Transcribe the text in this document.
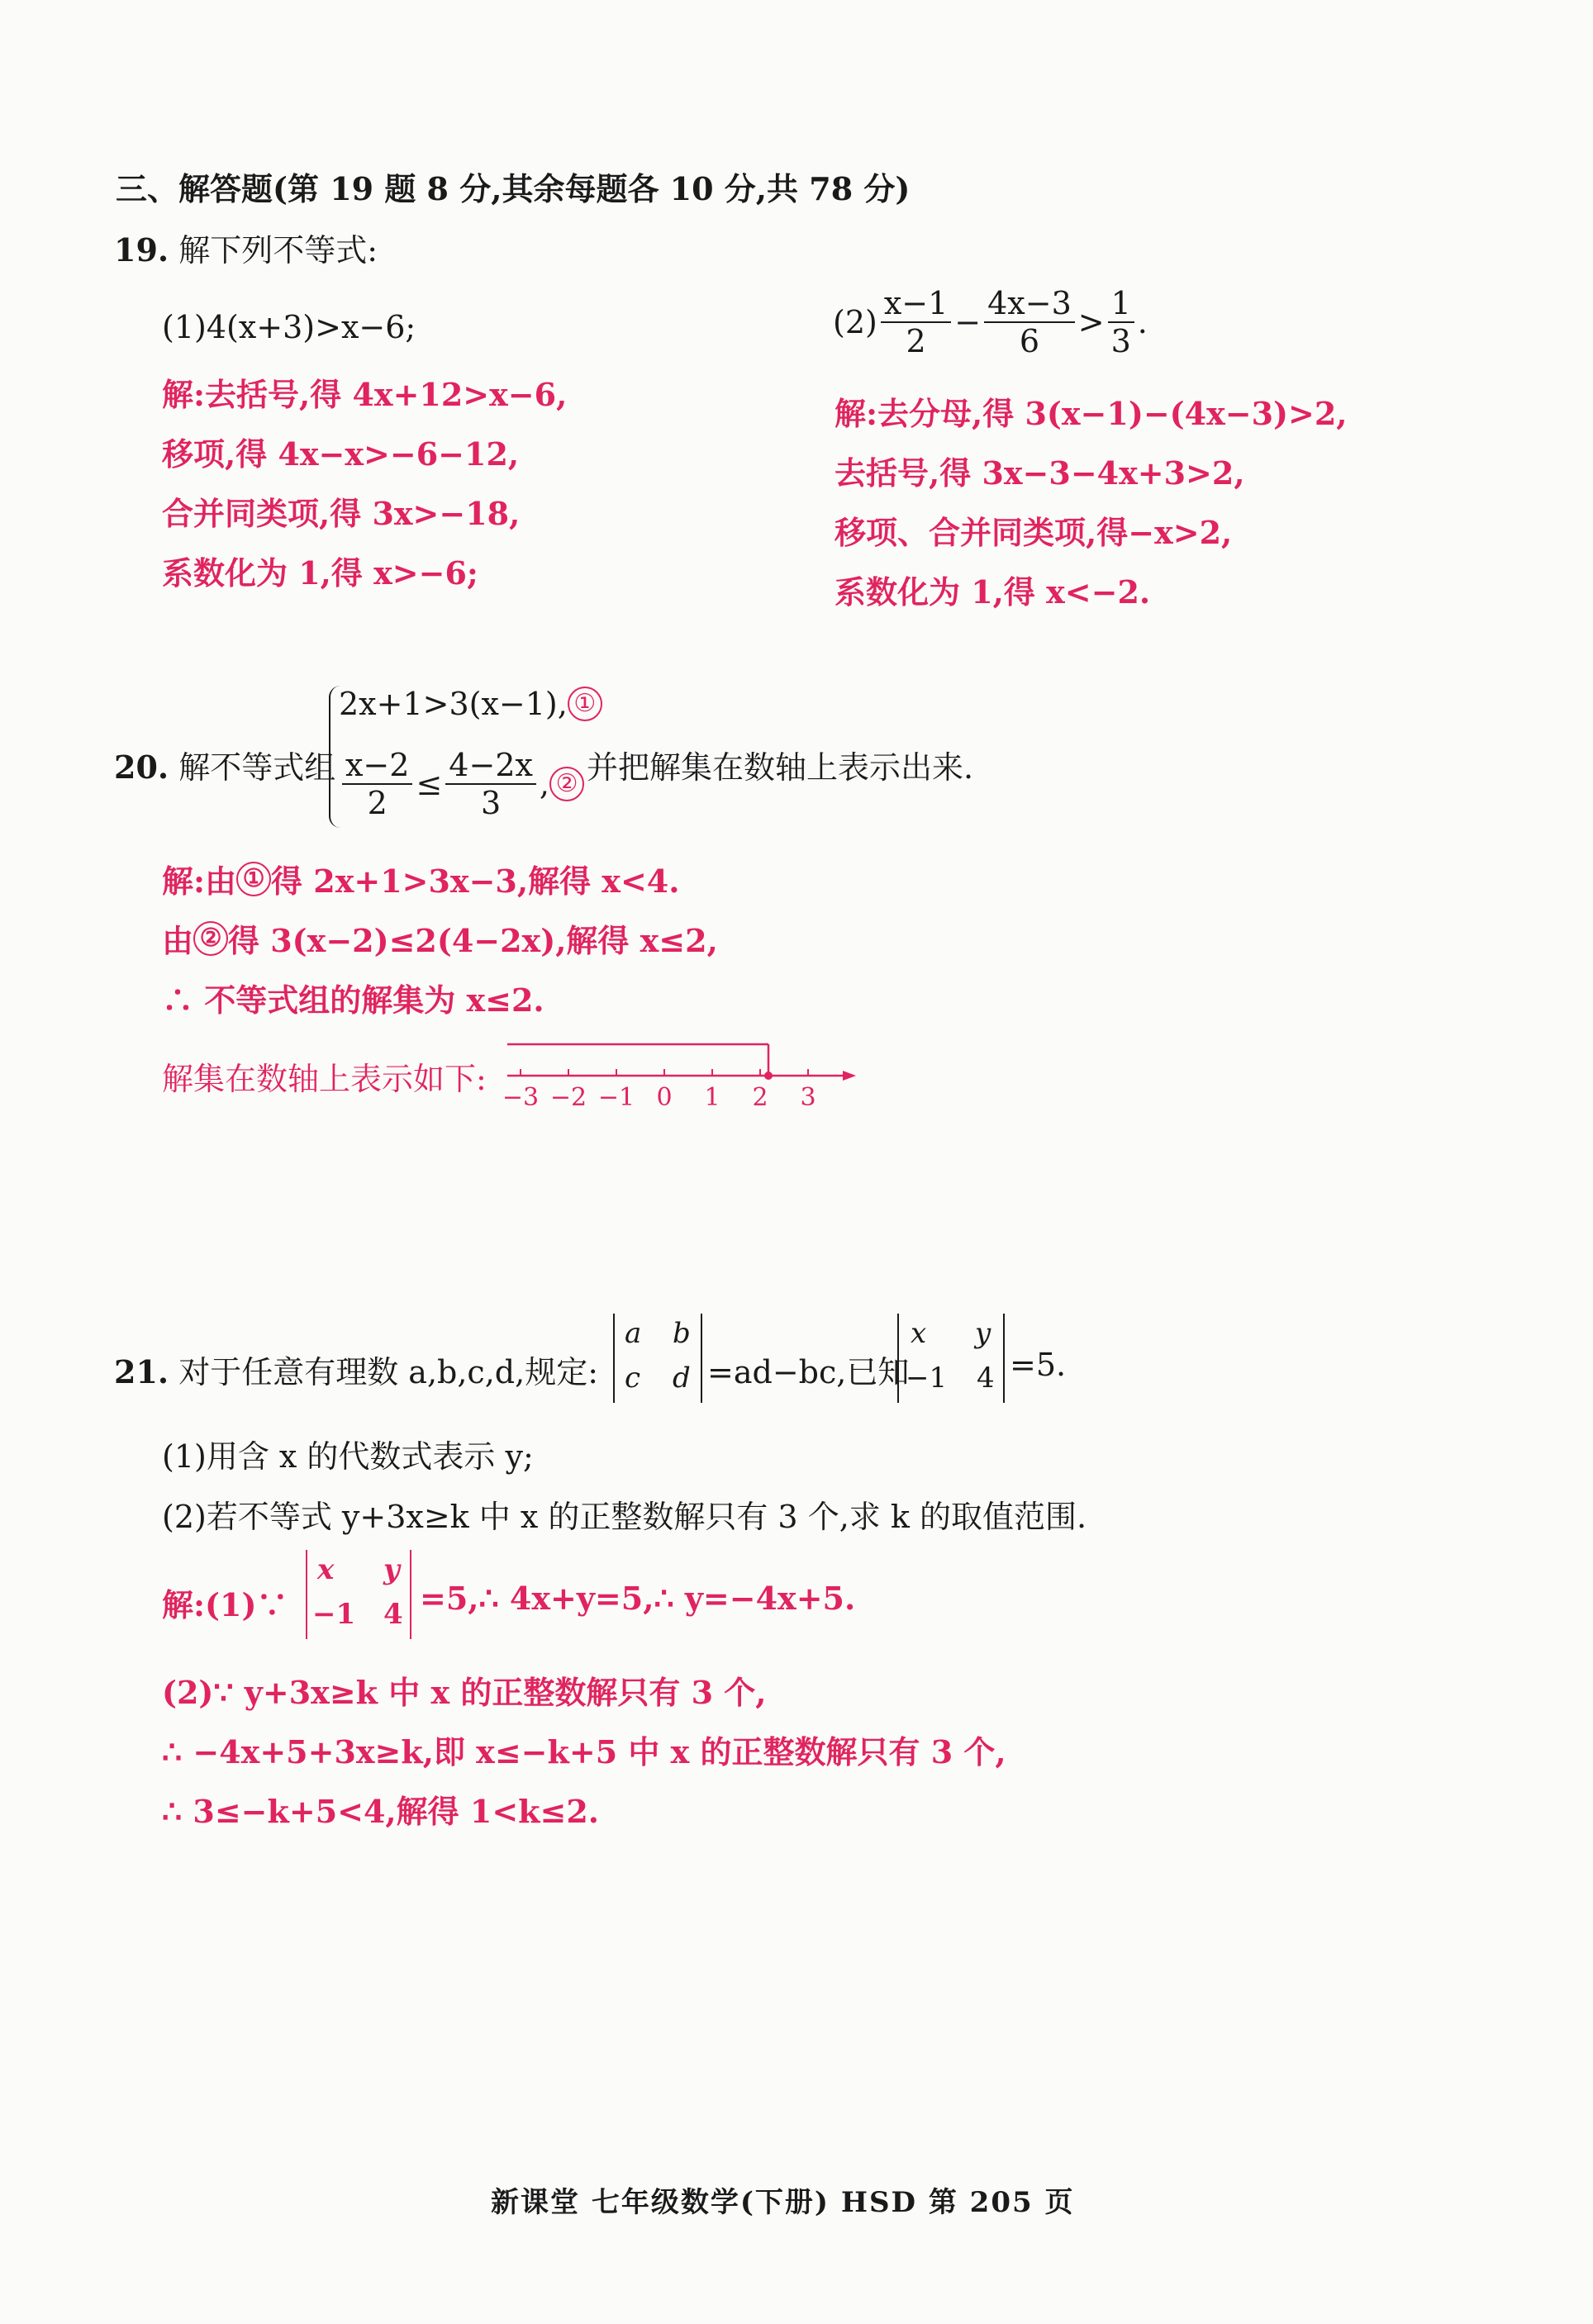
三、解答题(第 19 题 8 分,其余每题各 10 分,共 78 分)
19. 解下列不等式:
(1)4(x+3)>x−6;
解:去括号,得 4x+12>x−6,
移项,得 4x−x>−6−12,
合并同类项,得 3x>−18,
系数化为 1,得 x>−6;
$(2) \frac{x-1}{2} - \frac{4x-3}{6} > \frac{1}{3}$ .
解:去分母,得 3(x−1)−(4x−3)>2,
去括号,得 3x−3−4x+3>2,
移项、合并同类项,得−x>2,
系数化为 1,得 x<−2.
20. 解不等式组
2x+1>3(x−1), ①
$\frac{x-2}{2} \le \frac{4-2x}{3}$ , ② 并把解集在数轴上表示出来.
解:由 ① 得 2x+1>3x−3,解得 x<4.
由 ② 得 3(x−2)≤2(4−2x),解得 x≤2,
∴ 不等式组的解集为 x≤2.
解集在数轴上表示如下:
−3 −2 −1 0 1 2 3
21. 对于任意有理数 a,b,c,d,规定:
a b
c d =ad−bc,已知
x y
−1 4 =5.
(1)用含 x 的代数式表示 y;
(2)若不等式 y+3x≥k 中 x 的正整数解只有 3 个,求 k 的取值范围.
解:(1)∵
x y
−1 4 =5,∴ 4x+y=5,∴ y=−4x+5.
(2)∵ y+3x≥k 中 x 的正整数解只有 3 个,
∴ −4x+5+3x≥k,即 x≤−k+5 中 x 的正整数解只有 3 个,
∴ 3≤−k+5<4,解得 1<k≤2.
新课堂 七年级数学(下册) HSD 第 205 页
